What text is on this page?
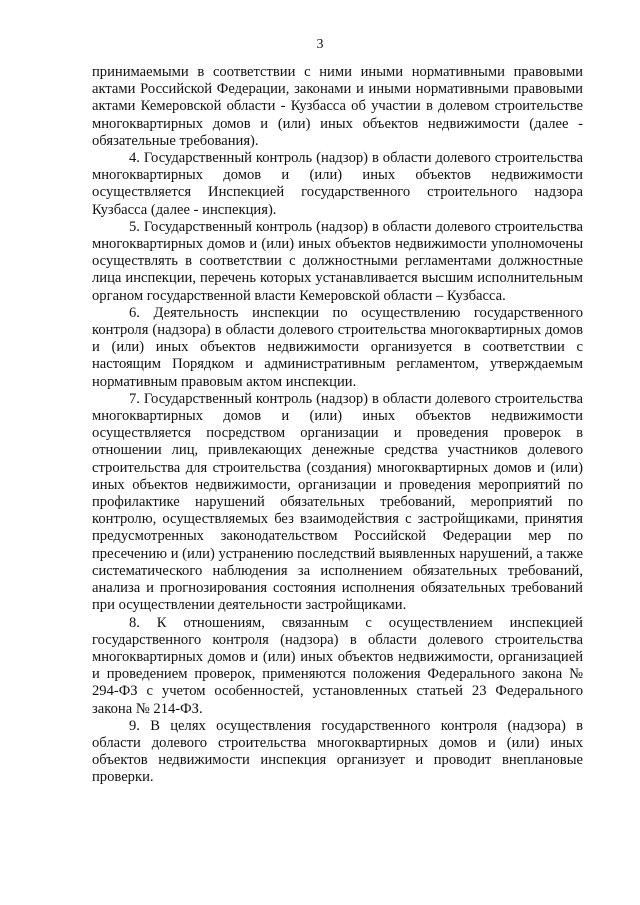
3

принимаемыми в соответствии с ними иными нормативными правовыми актами Российской Федерации, законами и иными нормативными правовыми актами Кемеровской области - Кузбасса об участии в долевом строительстве многоквартирных домов и (или) иных объектов недвижимости (далее - обязательные требования).

4. Государственный контроль (надзор) в области долевого строительства многоквартирных домов и (или) иных объектов недвижимости осуществляется Инспекцией государственного строительного надзора Кузбасса (далее - инспекция).

5. Государственный контроль (надзор) в области долевого строительства многоквартирных домов и (или) иных объектов недвижимости уполномочены осуществлять в соответствии с должностными регламентами должностные лица инспекции, перечень которых устанавливается высшим исполнительным органом государственной власти Кемеровской области – Кузбасса.

6. Деятельность инспекции по осуществлению государственного контроля (надзора) в области долевого строительства многоквартирных домов и (или) иных объектов недвижимости организуется в соответствии с настоящим Порядком и административным регламентом, утверждаемым нормативным правовым актом инспекции.

7. Государственный контроль (надзор) в области долевого строительства многоквартирных домов и (или) иных объектов недвижимости осуществляется посредством организации и проведения проверок в отношении лиц, привлекающих денежные средства участников долевого строительства для строительства (создания) многоквартирных домов и (или) иных объектов недвижимости, организации и проведения мероприятий по профилактике нарушений обязательных требований, мероприятий по контролю, осуществляемых без взаимодействия с застройщиками, принятия предусмотренных законодательством Российской Федерации мер по пресечению и (или) устранению последствий выявленных нарушений, а также систематического наблюдения за исполнением обязательных требований, анализа и прогнозирования состояния исполнения обязательных требований при осуществлении деятельности застройщиками.

8. К отношениям, связанным с осуществлением инспекцией государственного контроля (надзора) в области долевого строительства многоквартирных домов и (или) иных объектов недвижимости, организацией и проведением проверок, применяются положения Федерального закона № 294-ФЗ с учетом особенностей, установленных статьей 23 Федерального закона № 214-ФЗ.

9. В целях осуществления государственного контроля (надзора) в области долевого строительства многоквартирных домов и (или) иных объектов недвижимости инспекция организует и проводит внеплановые проверки.
